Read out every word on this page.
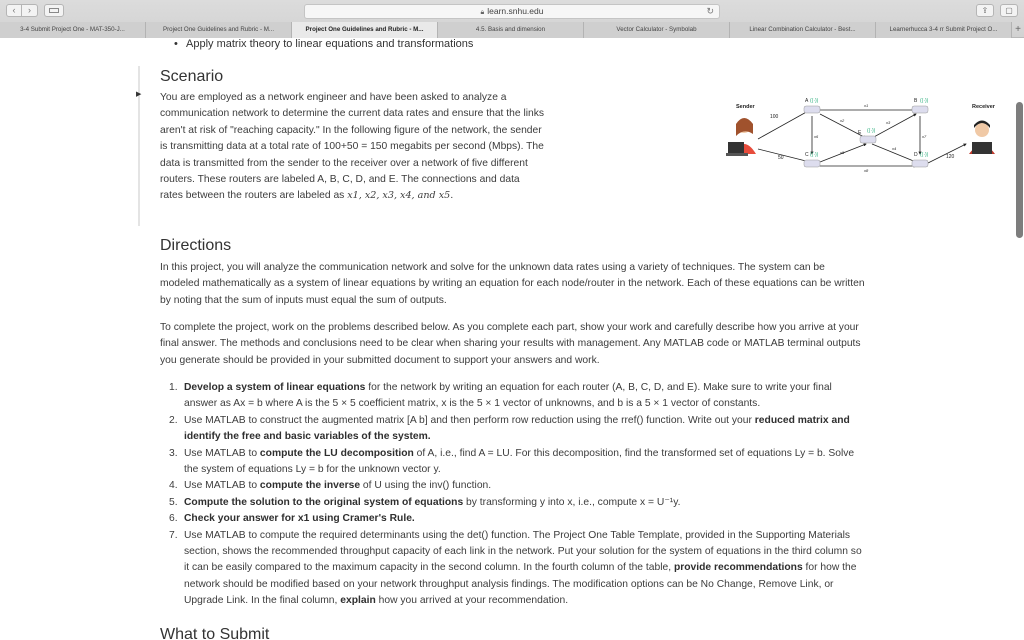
‹	›	🔒︎ learn.snhu.edu	↻	⇪	▢
3-4 Submit Project One - MAT-350-J...	Project One Guidelines and Rubric - M...	Project One Guidelines and Rubric - M...	4.5. Basis and dimension	Vector Calculator - Symbolab	Linear Combination Calculator - Best...	Learnerhucca 3-4 rr Submit Project O...	+
▶
• Apply matrix theory to linear equations and transformations
Scenario

You are employed as a network engineer and have been asked to analyze a communication network to determine the current data rates and ensure that the links aren't at risk of "reaching capacity." In the following figure of the network, the sender is transmitting data at a total rate of 100+50 = 150 megabits per second (Mbps). The data is transmitted from the sender to the receiver over a network of five different routers. These routers are labeled A, B, C, D, and E. The connections and data rates between the routers are labeled as x1, x2, x3, x4, and x5.

Sender	Receiver
((·))	((·))
((·))	((·))
((·))
A	B
C	D
E
100
50	120
x1
x2	x3
x4
x5
x6	x7
x8
Directions

In this project, you will analyze the communication network and solve for the unknown data rates using a variety of techniques. The system can be modeled mathematically as a system of linear equations by writing an equation for each node/router in the network. Each of these equations can be written by noting that the sum of inputs must equal the sum of outputs.

To complete the project, work on the problems described below. As you complete each part, show your work and carefully describe how you arrive at your final answer. The methods and conclusions need to be clear when sharing your results with management. Any MATLAB code or MATLAB terminal outputs you generate should be provided in your submitted document to support your answers and work.

1. Develop a system of linear equations for the network by writing an equation for each router (A, B, C, D, and E). Make sure to write your final answer as Ax = b where A is the 5 × 5 coefficient matrix, x is the 5 × 1 vector of unknowns, and b is a 5 × 1 vector of constants.
2. Use MATLAB to construct the augmented matrix [A b] and then perform row reduction using the rref() function. Write out your reduced matrix and identify the free and basic variables of the system.
3. Use MATLAB to compute the LU decomposition of A, i.e., find A = LU. For this decomposition, find the transformed set of equations Ly = b. Solve the system of equations Ly = b for the unknown vector y.
4. Use MATLAB to compute the inverse of U using the inv() function.
5. Compute the solution to the original system of equations by transforming y into x, i.e., compute x = U⁻¹y.
6. Check your answer for x1 using Cramer's Rule.
7. Use MATLAB to compute the required determinants using the det() function. The Project One Table Template, provided in the Supporting Materials section, shows the recommended throughput capacity of each link in the network. Put your solution for the system of equations in the third column so it can be easily compared to the maximum capacity in the second column. In the fourth column of the table, provide recommendations for how the network should be modified based on your network throughput analysis findings. The modification options can be No Change, Remove Link, or Upgrade Link. In the final column, explain how you arrived at your recommendation.
What to Submit
